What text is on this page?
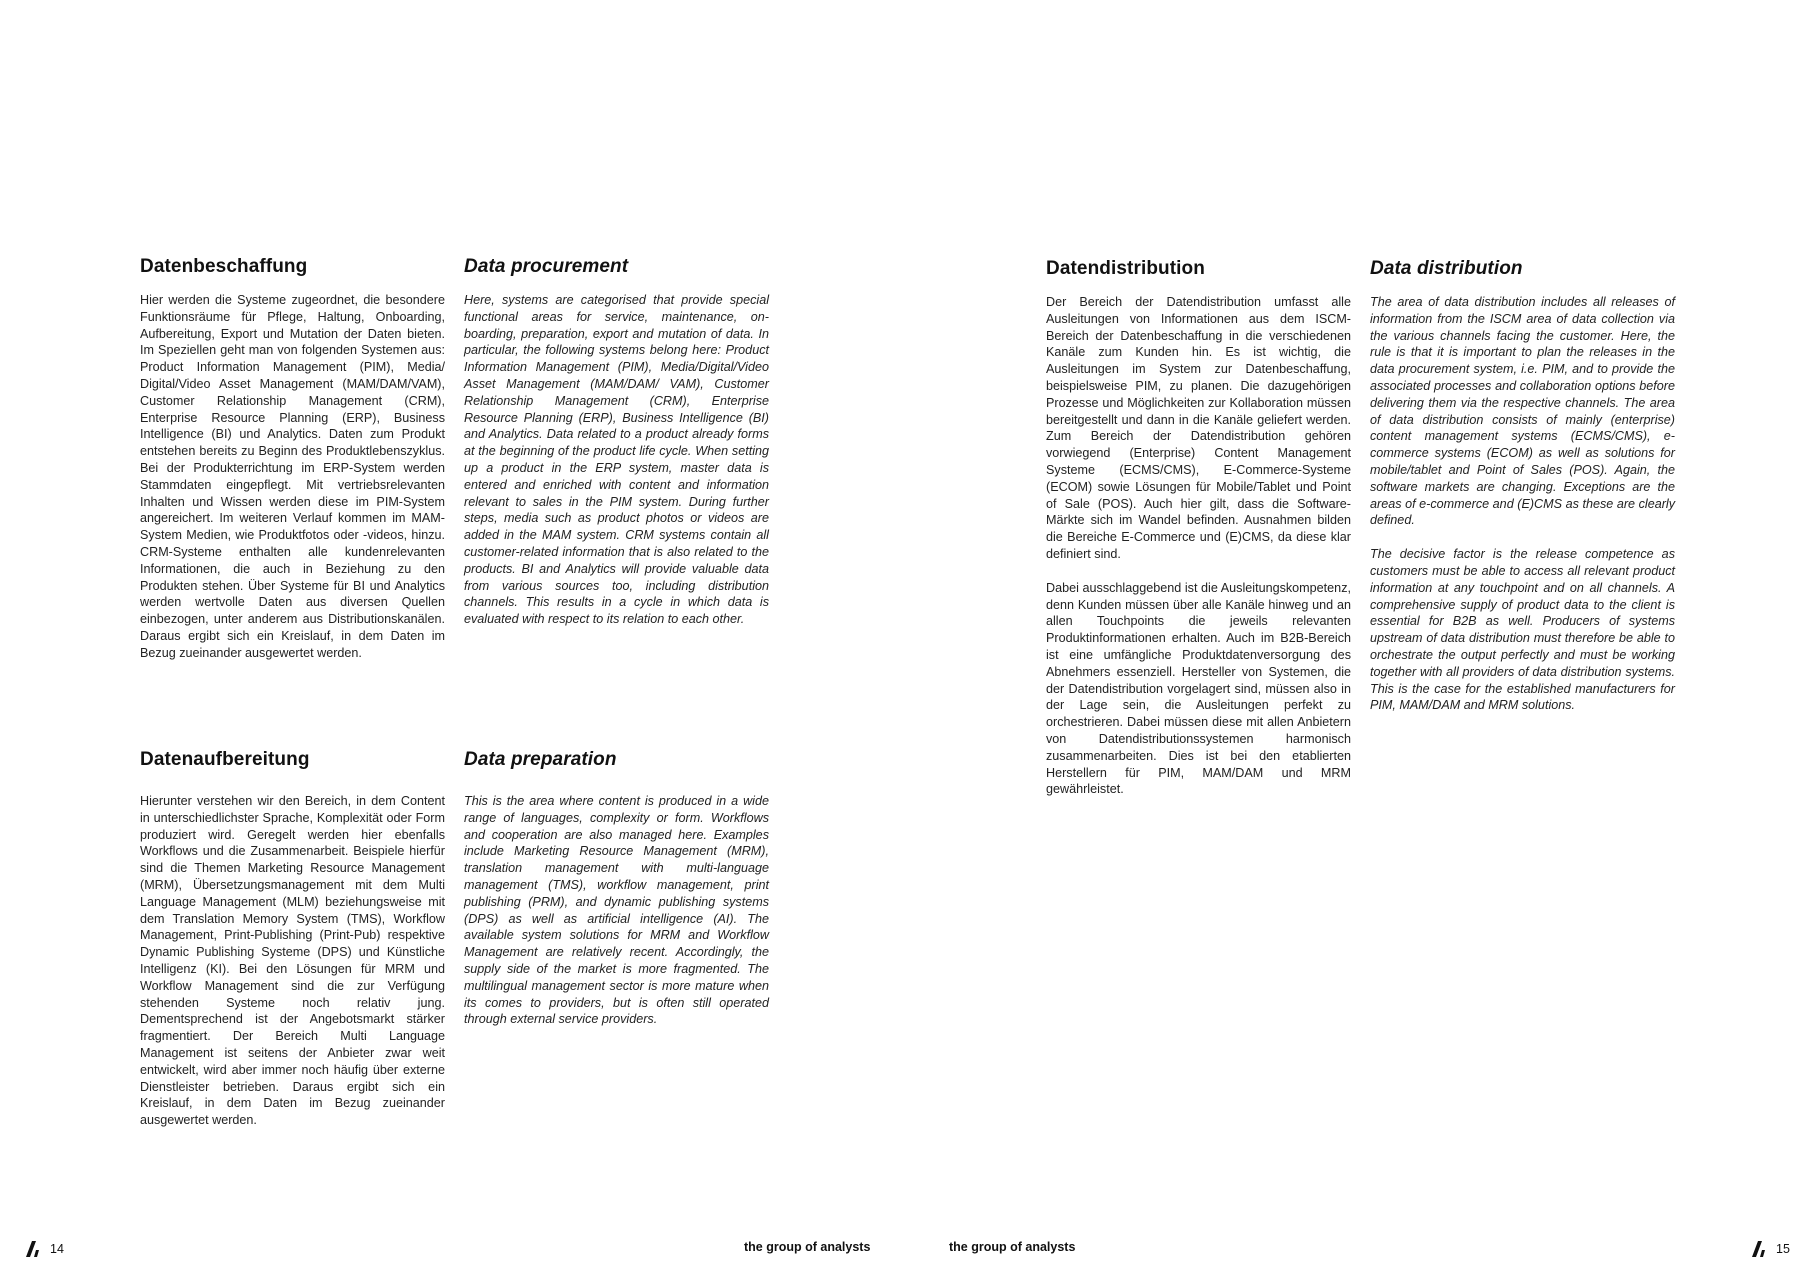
Datenbeschaffung

Hier werden die Systeme zugeordnet, die besondere Funktionsräume für Pflege, Haltung, Onboarding, Aufbereitung, Export und Mutation der Daten bieten. Im Speziellen geht man von folgenden Systemen aus: Product Information Management (PIM), Media/ Digital/Video Asset Management (MAM/DAM/VAM), Customer Relationship Management (CRM), Enterprise Resource Planning (ERP), Business Intelligence (BI) und Analytics. Daten zum Produkt entstehen bereits zu Beginn des Produktlebenszyklus. Bei der Produkterrichtung im ERP-System werden Stammdaten eingepflegt. Mit vertriebsrelevanten Inhalten und Wissen werden diese im PIM-System angereichert. Im weiteren Verlauf kommen im MAM-System Medien, wie Produktfotos oder -videos, hinzu. CRM-Systeme enthalten alle kundenrelevanten Informationen, die auch in Beziehung zu den Produkten stehen. Über Systeme für BI und Analytics werden wertvolle Daten aus diversen Quellen einbezogen, unter anderem aus Distributionskanälen. Daraus ergibt sich ein Kreislauf, in dem Daten im Bezug zueinander ausgewertet werden.

Data procurement

Here, systems are categorised that provide special functional areas for service, maintenance, on-boarding, preparation, export and mutation of data. In particular, the following systems belong here: Product Information Management (PIM), Media/Digital/Video Asset Management (MAM/DAM/ VAM), Customer Relationship Management (CRM), Enterprise Resource Planning (ERP), Business Intelligence (BI) and Analytics. Data related to a product already forms at the beginning of the product life cycle. When setting up a product in the ERP system, master data is entered and enriched with content and information relevant to sales in the PIM system. During further steps, media such as product photos or videos are added in the MAM system. CRM systems contain all customer-related information that is also related to the products. BI and Analytics will provide valuable data from various sources too, including distribution channels. This results in a cycle in which data is evaluated with respect to its relation to each other.

Datenaufbereitung

Hierunter verstehen wir den Bereich, in dem Content in unterschiedlichster Sprache, Komplexität oder Form produziert wird. Geregelt werden hier ebenfalls Workflows und die Zusammenarbeit. Beispiele hierfür sind die Themen Marketing Resource Management (MRM), Übersetzungsmanagement mit dem Multi Language Management (MLM) beziehungsweise mit dem Translation Memory System (TMS), Workflow Management, Print-Publishing (Print-Pub) respektive Dynamic Publishing Systeme (DPS) und Künstliche Intelligenz (KI). Bei den Lösungen für MRM und Workflow Management sind die zur Verfügung stehenden Systeme noch relativ jung. Dementsprechend ist der Angebotsmarkt stärker fragmentiert. Der Bereich Multi Language Management ist seitens der Anbieter zwar weit entwickelt, wird aber immer noch häufig über externe Dienstleister betrieben. Daraus ergibt sich ein Kreislauf, in dem Daten im Bezug zueinander ausgewertet werden.

Data preparation

This is the area where content is produced in a wide range of languages, complexity or form. Workflows and cooperation are also managed here. Examples include Marketing Resource Management (MRM), translation management with multi-language management (TMS), workflow management, print publishing (PRM), and dynamic publishing systems (DPS) as well as artificial intelligence (AI). The available system solutions for MRM and Workflow Management are relatively recent. Accordingly, the supply side of the market is more fragmented. The multilingual management sector is more mature when its comes to providers, but is often still operated through external service providers.

14	the group of analysts
Datendistribution

Der Bereich der Datendistribution umfasst alle Ausleitungen von Informationen aus dem ISCM-Bereich der Datenbeschaffung in die verschiedenen Kanäle zum Kunden hin. Es ist wichtig, die Ausleitungen im System zur Datenbeschaffung, beispielsweise PIM, zu planen. Die dazugehörigen Prozesse und Möglichkeiten zur Kollaboration müssen bereitgestellt und dann in die Kanäle geliefert werden. Zum Bereich der Datendistribution gehören vorwiegend (Enterprise) Content Management Systeme (ECMS/CMS), E-Commerce-Systeme (ECOM) sowie Lösungen für Mobile/Tablet und Point of Sale (POS). Auch hier gilt, dass die Software-Märkte sich im Wandel befinden. Ausnahmen bilden die Bereiche E-Commerce und (E)CMS, da diese klar definiert sind.

Dabei ausschlaggebend ist die Ausleitungskompetenz, denn Kunden müssen über alle Kanäle hinweg und an allen Touchpoints die jeweils relevanten Produktinformationen erhalten. Auch im B2B-Bereich ist eine umfängliche Produktdatenversorgung des Abnehmers essenziell. Hersteller von Systemen, die der Datendistribution vorgelagert sind, müssen also in der Lage sein, die Ausleitungen perfekt zu orchestrieren. Dabei müssen diese mit allen Anbietern von Datendistributionssystemen harmonisch zusammenarbeiten. Dies ist bei den etablierten Herstellern für PIM, MAM/DAM und MRM gewährleistet.

Data distribution

The area of data distribution includes all releases of information from the ISCM area of data collection via the various channels facing the customer. Here, the rule is that it is important to plan the releases in the data procurement system, i.e. PIM, and to provide the associated processes and collaboration options before delivering them via the respective channels. The area of data distribution consists of mainly (enterprise) content management systems (ECMS/CMS), e-commerce systems (ECOM) as well as solutions for mobile/tablet and Point of Sales (POS). Again, the software markets are changing. Exceptions are the areas of e-commerce and (E)CMS as these are clearly defined.

The decisive factor is the release competence as customers must be able to access all relevant product information at any touchpoint and on all channels. A comprehensive supply of product data to the client is essential for B2B as well. Producers of systems upstream of data distribution must therefore be able to orchestrate the output perfectly and must be working together with all providers of data distribution systems. This is the case for the established manufacturers for PIM, MAM/DAM and MRM solutions.

the group of analysts	15
